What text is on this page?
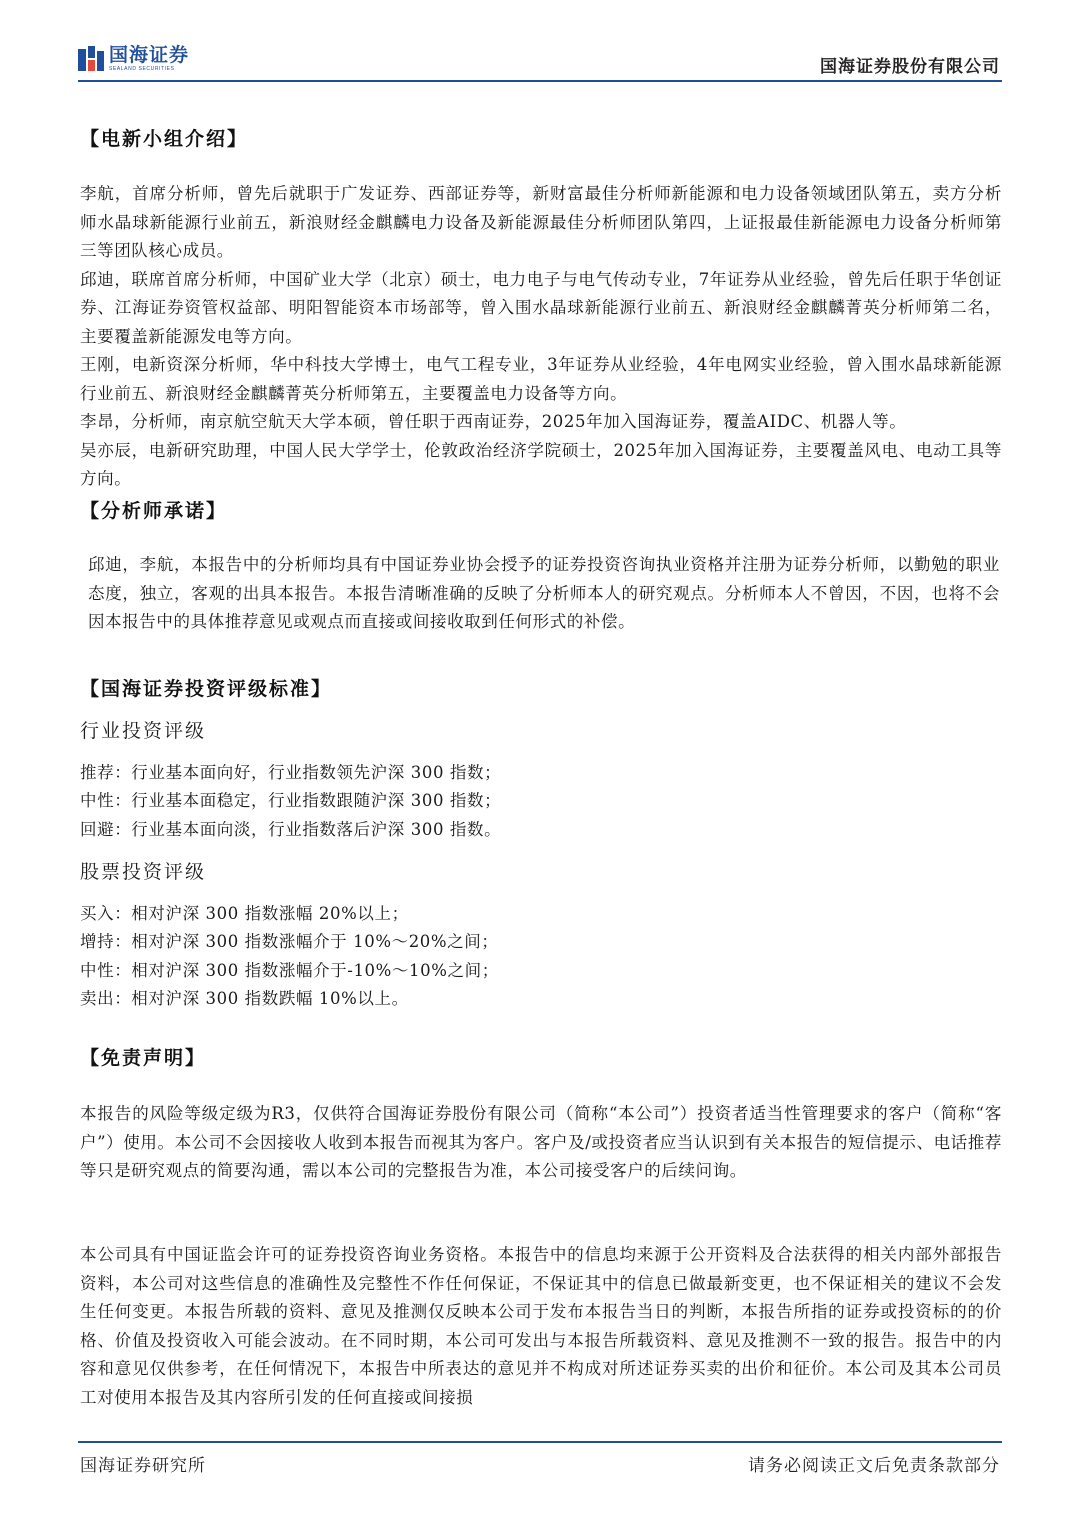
国海证券
SEALAND SECURITIES	国海证券股份有限公司
【电新小组介绍】

李航，首席分析师，曾先后就职于广发证券、西部证券等，新财富最佳分析师新能源和电力设备领域团队第五，卖方分析师水晶球新能源行业前五，新浪财经金麒麟电力设备及新能源最佳分析师团队第四，上证报最佳新能源电力设备分析师第三等团队核心成员。

邱迪，联席首席分析师，中国矿业大学（北京）硕士，电力电子与电气传动专业，7年证券从业经验，曾先后任职于华创证券、江海证券资管权益部、明阳智能资本市场部等，曾入围水晶球新能源行业前五、新浪财经金麒麟菁英分析师第二名，主要覆盖新能源发电等方向。

王刚，电新资深分析师，华中科技大学博士，电气工程专业，3年证券从业经验，4年电网实业经验，曾入围水晶球新能源行业前五、新浪财经金麒麟菁英分析师第五，主要覆盖电力设备等方向。

李昂，分析师，南京航空航天大学本硕，曾任职于西南证券，2025年加入国海证券，覆盖AIDC、机器人等。

吴亦辰，电新研究助理，中国人民大学学士，伦敦政治经济学院硕士，2025年加入国海证券，主要覆盖风电、电动工具等方向。

【分析师承诺】
邱迪，李航，本报告中的分析师均具有中国证券业协会授予的证券投资咨询执业资格并注册为证券分析师，以勤勉的职业态度，独立，客观的出具本报告。本报告清晰准确的反映了分析师本人的研究观点。分析师本人不曾因，不因，也将不会因本报告中的具体推荐意见或观点而直接或间接收取到任何形式的补偿。
【国海证券投资评级标准】
行业投资评级
推荐：行业基本面向好，行业指数领先沪深 300 指数；
中性：行业基本面稳定，行业指数跟随沪深 300 指数；
回避：行业基本面向淡，行业指数落后沪深 300 指数。
股票投资评级
买入：相对沪深 300 指数涨幅 20%以上；
增持：相对沪深 300 指数涨幅介于 10%～20%之间；
中性：相对沪深 300 指数涨幅介于-10%～10%之间；
卖出：相对沪深 300 指数跌幅 10%以上。
【免责声明】
本报告的风险等级定级为R3，仅供符合国海证券股份有限公司（简称“本公司”）投资者适当性管理要求的客户（简称“客户”）使用。本公司不会因接收人收到本报告而视其为客户。客户及/或投资者应当认识到有关本报告的短信提示、电话推荐等只是研究观点的简要沟通，需以本公司的完整报告为准，本公司接受客户的后续问询。
本公司具有中国证监会许可的证券投资咨询业务资格。本报告中的信息均来源于公开资料及合法获得的相关内部外部报告资料，本公司对这些信息的准确性及完整性不作任何保证，不保证其中的信息已做最新变更，也不保证相关的建议不会发生任何变更。本报告所载的资料、意见及推测仅反映本公司于发布本报告当日的判断，本报告所指的证券或投资标的的价格、价值及投资收入可能会波动。在不同时期，本公司可发出与本报告所载资料、意见及推测不一致的报告。报告中的内容和意见仅供参考，在任何情况下，本报告中所表达的意见并不构成对所述证券买卖的出价和征价。本公司及其本公司员工对使用本报告及其内容所引发的任何直接或间接损
国海证券研究所	请务必阅读正文后免责条款部分
